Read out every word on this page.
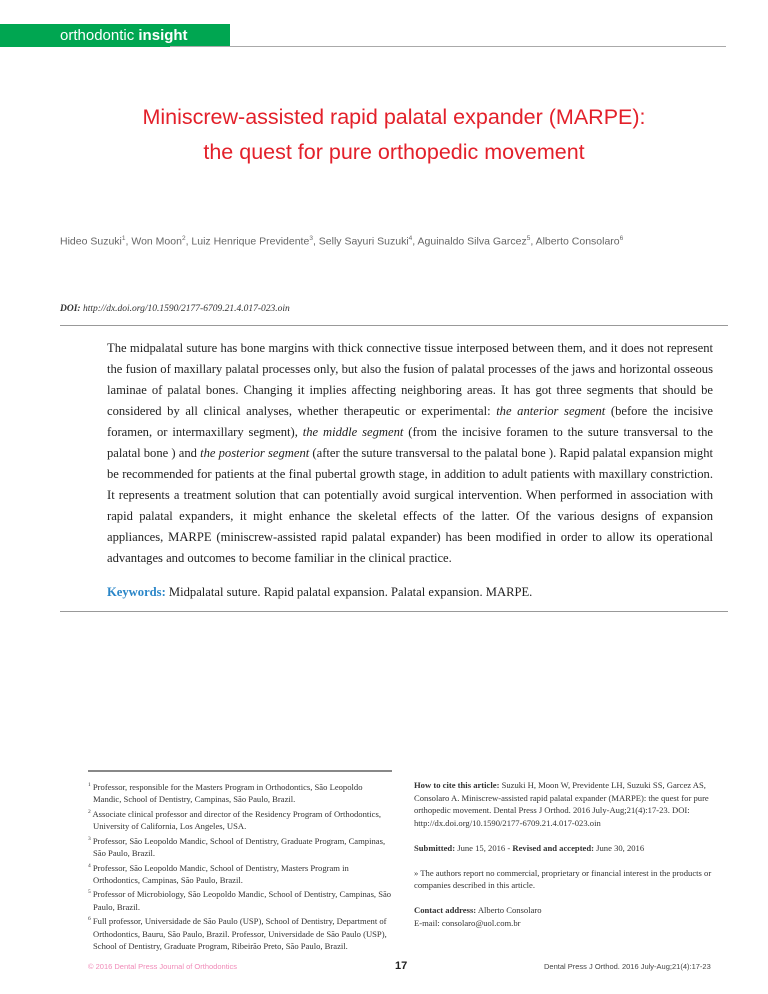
orthodontic insight
Miniscrew-assisted rapid palatal expander (MARPE):
the quest for pure orthopedic movement
Hideo Suzuki$^1$, Won Moon$^2$, Luiz Henrique Previdente$^3$, Selly Sayuri Suzuki$^4$, Aguinaldo Silva Garcez$^5$, Alberto Consolaro$^6$
DOI: http://dx.doi.org/10.1590/2177-6709.21.4.017-023.oin

The midpalatal suture has bone margins with thick connective tissue interposed between them, and it does not represent the fusion of maxillary palatal processes only, but also the fusion of palatal processes of the jaws and horizontal osseous laminae of palatal bones. Changing it implies affecting neighboring areas. It has got three segments that should be considered by all clinical analyses, whether therapeutic or experimental: the anterior segment (before the incisive foramen, or intermaxillary segment), the middle segment (from the incisive foramen to the suture transversal to the palatal bone ) and the posterior segment (after the suture transversal to the palatal bone ). Rapid palatal expansion might be recommended for patients at the final pubertal growth stage, in addition to adult patients with maxillary constriction. It represents a treatment solution that can potentially avoid surgical intervention. When performed in association with rapid palatal expanders, it might enhance the skeletal effects of the latter. Of the various designs of expansion appliances, MARPE (miniscrew-assisted rapid palatal expander) has been modified in order to allow its operational advantages and outcomes to become familiar in the clinical practice.

Keywords: Midpalatal suture. Rapid palatal expansion. Palatal expansion. MARPE.
$^1$ Professor, responsible for the Masters Program in Orthodontics, São Leopoldo Mandic, School of Dentistry, Campinas, São Paulo, Brazil.
$^2$ Associate clinical professor and director of the Residency Program of Orthodontics, University of California, Los Angeles, USA.
$^3$ Professor, São Leopoldo Mandic, School of Dentistry, Graduate Program, Campinas, São Paulo, Brazil.
$^4$ Professor, São Leopoldo Mandic, School of Dentistry, Masters Program in Orthodontics, Campinas, São Paulo, Brazil.
$^5$ Professor of Microbiology, São Leopoldo Mandic, School of Dentistry, Campinas, São Paulo, Brazil.
$^6$ Full professor, Universidade de São Paulo (USP), School of Dentistry, Department of Orthodontics, Bauru, São Paulo, Brazil. Professor, Universidade de São Paulo (USP), School of Dentistry, Graduate Program, Ribeirão Preto, São Paulo, Brazil.

How to cite this article: Suzuki H, Moon W, Previdente LH, Suzuki SS, Garcez AS, Consolaro A. Miniscrew-assisted rapid palatal expander (MARPE): the quest for pure orthopedic movement. Dental Press J Orthod. 2016 July-Aug;21(4):17-23. DOI: http://dx.doi.org/10.1590/2177-6709.21.4.017-023.oin

Submitted: June 15, 2016 - Revised and accepted: June 30, 2016

» The authors report no commercial, proprietary or financial interest in the products or companies described in this article.

Contact address: Alberto Consolaro
E-mail: consolaro@uol.com.br

© 2016 Dental Press Journal of Orthodontics	17	Dental Press J Orthod. 2016 July-Aug;21(4):17-23
